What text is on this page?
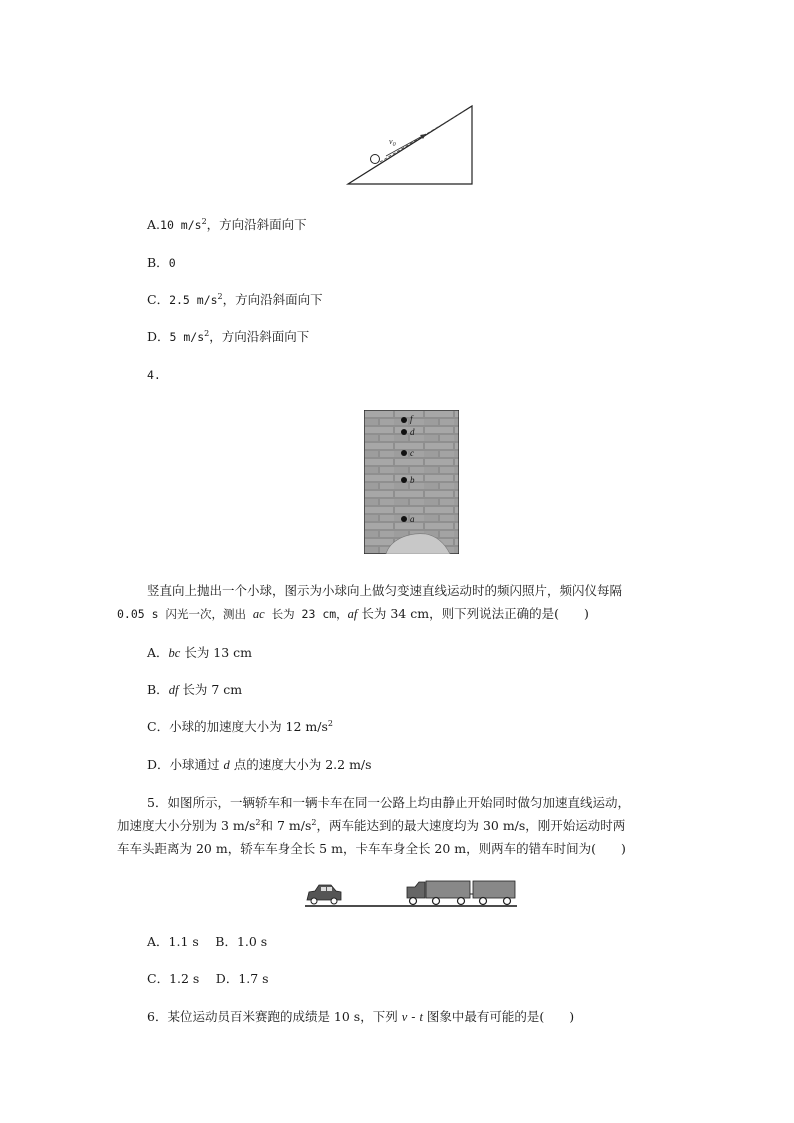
$v_0$
A.10 $m/s^2$，方向沿斜面向下
B．0
C．2.5 $m/s^2$，方向沿斜面向下
D．5 $m/s^2$，方向沿斜面向下
4.
f
d
c
b
a
竖直向上抛出一个小球，图示为小球向上做匀变速直线运动时的频闪照片，频闪仪每隔
0.05 s 闪光一次，测出 ac 长为 23 cm，af 长为 34 cm，则下列说法正确的是(　　)
A．bc 长为 13 cm
B．df 长为 7 cm
C．小球的加速度大小为 12 $m/s^2$
D．小球通过 d 点的速度大小为 2.2 m/s
5．如图所示，一辆轿车和一辆卡车在同一公路上均由静止开始同时做匀加速直线运动，
加速度大小分别为 3 $m/s^2$和 7 $m/s^2$，两车能达到的最大速度均为 30 m/s，刚开始运动时两
车车头距离为 20 m，轿车车身全长 5 m，卡车车身全长 20 m，则两车的错车时间为(　　)
A．1.1 s　 B．1.0 s
C．1.2 s　 D．1.7 s
6．某位运动员百米赛跑的成绩是 10 s，下列 v - t 图象中最有可能的是(　　)
